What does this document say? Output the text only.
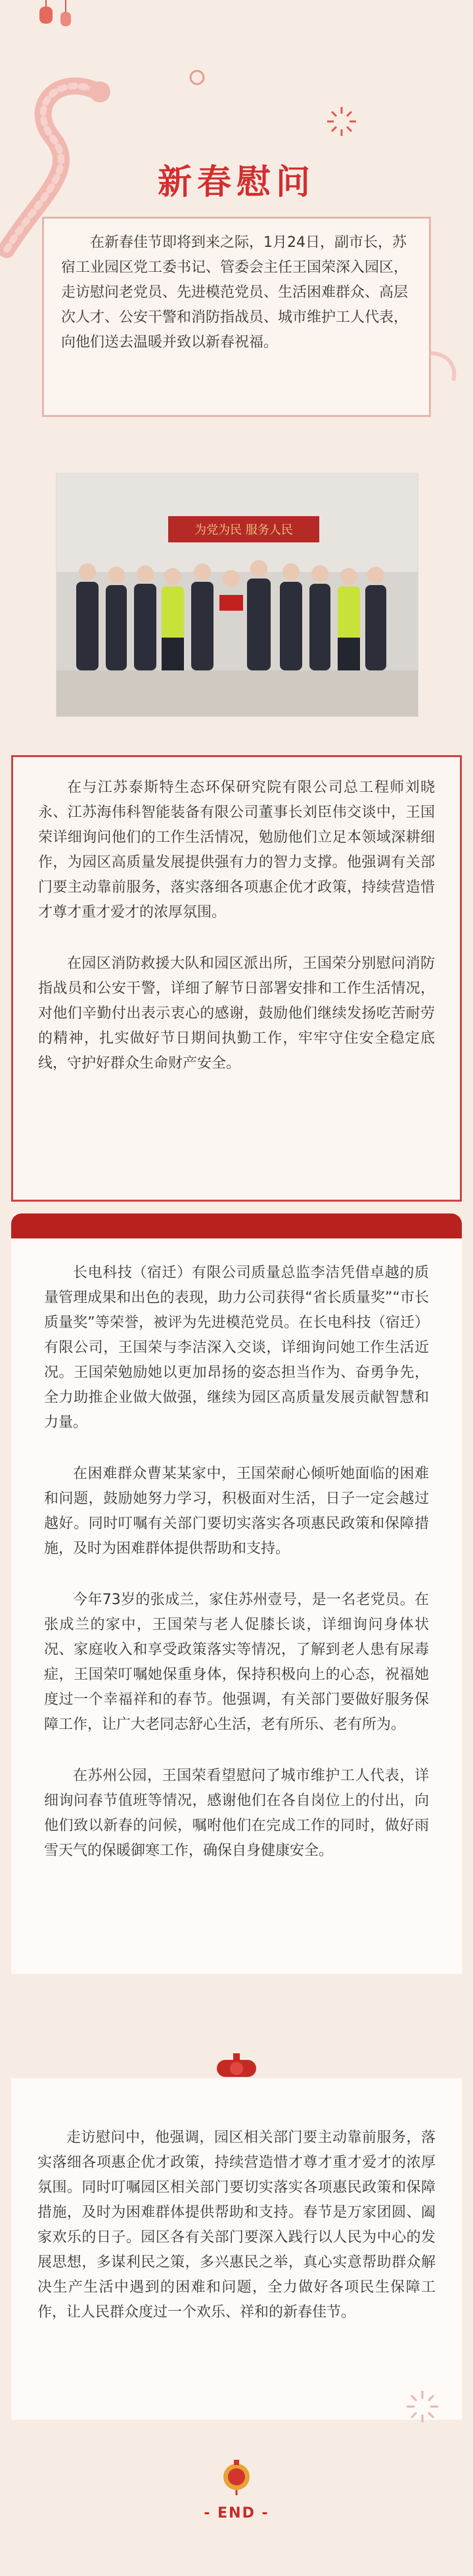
新春慰问
在新春佳节即将到来之际，1月24日，副市长，苏宿工业园区党工委书记、管委会主任王国荣深入园区，走访慰问老党员、先进模范党员、生活困难群众、高层次人才、公安干警和消防指战员、城市维护工人代表，向他们送去温暖并致以新春祝福。
为党为民 服务人民

在与江苏泰斯特生态环保研究院有限公司总工程师刘晓永、江苏海伟科智能装备有限公司董事长刘臣伟交谈中，王国荣详细询问他们的工作生活情况，勉励他们立足本领域深耕细作，为园区高质量发展提供强有力的智力支撑。他强调有关部门要主动靠前服务，落实落细各项惠企优才政策，持续营造惜才尊才重才爱才的浓厚氛围。

在园区消防救援大队和园区派出所，王国荣分别慰问消防指战员和公安干警，详细了解节日部署安排和工作生活情况，对他们辛勤付出表示衷心的感谢，鼓励他们继续发扬吃苦耐劳的精神，扎实做好节日期间执勤工作，牢牢守住安全稳定底线，守护好群众生命财产安全。

长电科技（宿迁）有限公司质量总监李洁凭借卓越的质量管理成果和出色的表现，助力公司获得“省长质量奖”“市长质量奖”等荣誉，被评为先进模范党员。在长电科技（宿迁）有限公司，王国荣与李洁深入交谈，详细询问她工作生活近况。王国荣勉励她以更加昂扬的姿态担当作为、奋勇争先，全力助推企业做大做强，继续为园区高质量发展贡献智慧和力量。

在困难群众曹某某家中，王国荣耐心倾听她面临的困难和问题，鼓励她努力学习，积极面对生活，日子一定会越过越好。同时叮嘱有关部门要切实落实各项惠民政策和保障措施，及时为困难群体提供帮助和支持。

今年73岁的张成兰，家住苏州壹号，是一名老党员。在张成兰的家中，王国荣与老人促膝长谈，详细询问身体状况、家庭收入和享受政策落实等情况，了解到老人患有尿毒症，王国荣叮嘱她保重身体，保持积极向上的心态，祝福她度过一个幸福祥和的春节。他强调，有关部门要做好服务保障工作，让广大老同志舒心生活，老有所乐、老有所为。

在苏州公园，王国荣看望慰问了城市维护工人代表，详细询问春节值班等情况，感谢他们在各自岗位上的付出，向他们致以新春的问候，嘱咐他们在完成工作的同时，做好雨雪天气的保暖御寒工作，确保自身健康安全。

走访慰问中，他强调，园区相关部门要主动靠前服务，落实落细各项惠企优才政策，持续营造惜才尊才重才爱才的浓厚氛围。同时叮嘱园区相关部门要切实落实各项惠民政策和保障措施，及时为困难群体提供帮助和支持。春节是万家团圆、阖家欢乐的日子。园区各有关部门要深入践行以人民为中心的发展思想，多谋利民之策，多兴惠民之举，真心实意帮助群众解决生产生活中遇到的困难和问题，全力做好各项民生保障工作，让人民群众度过一个欢乐、祥和的新春佳节。

- END -
